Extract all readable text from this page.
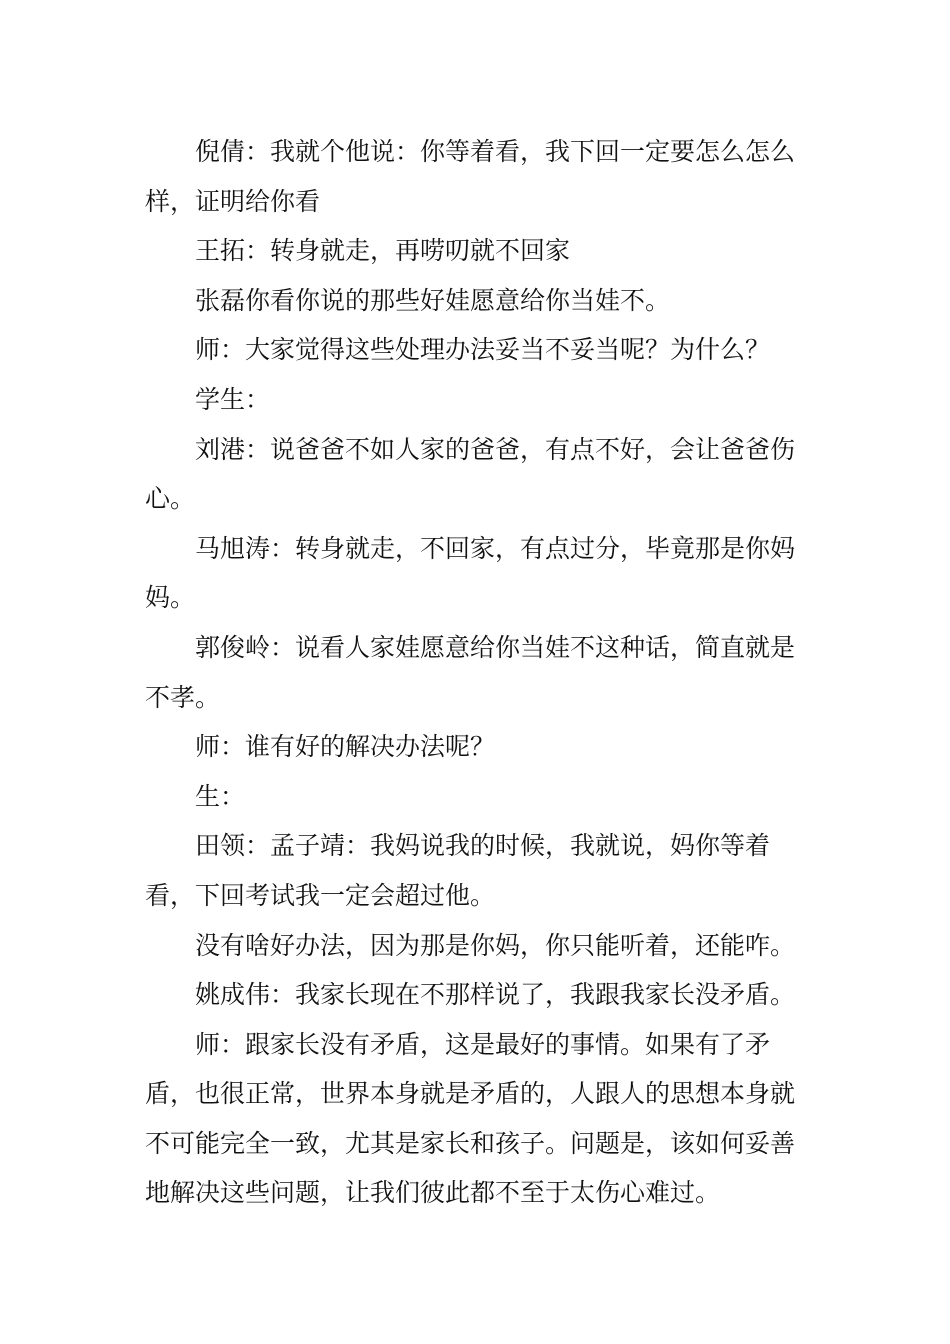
倪倩：我就个他说：你等着看，我下回一定要怎么怎么样，证明给你看

王拓：转身就走，再唠叨就不回家

张磊你看你说的那些好娃愿意给你当娃不。

师：大家觉得这些处理办法妥当不妥当呢？为什么？

学生：

刘港：说爸爸不如人家的爸爸，有点不好，会让爸爸伤心。

马旭涛：转身就走，不回家，有点过分，毕竟那是你妈妈。

郭俊岭：说看人家娃愿意给你当娃不这种话，简直就是不孝。

师：谁有好的解决办法呢？

生：

田领：孟子靖：我妈说我的时候，我就说，妈你等着看，下回考试我一定会超过他。

没有啥好办法，因为那是你妈，你只能听着，还能咋。

姚成伟：我家长现在不那样说了，我跟我家长没矛盾。

师：跟家长没有矛盾，这是最好的事情。如果有了矛盾，也很正常，世界本身就是矛盾的，人跟人的思想本身就不可能完全一致，尤其是家长和孩子。问题是，该如何妥善地解决这些问题，让我们彼此都不至于太伤心难过。
